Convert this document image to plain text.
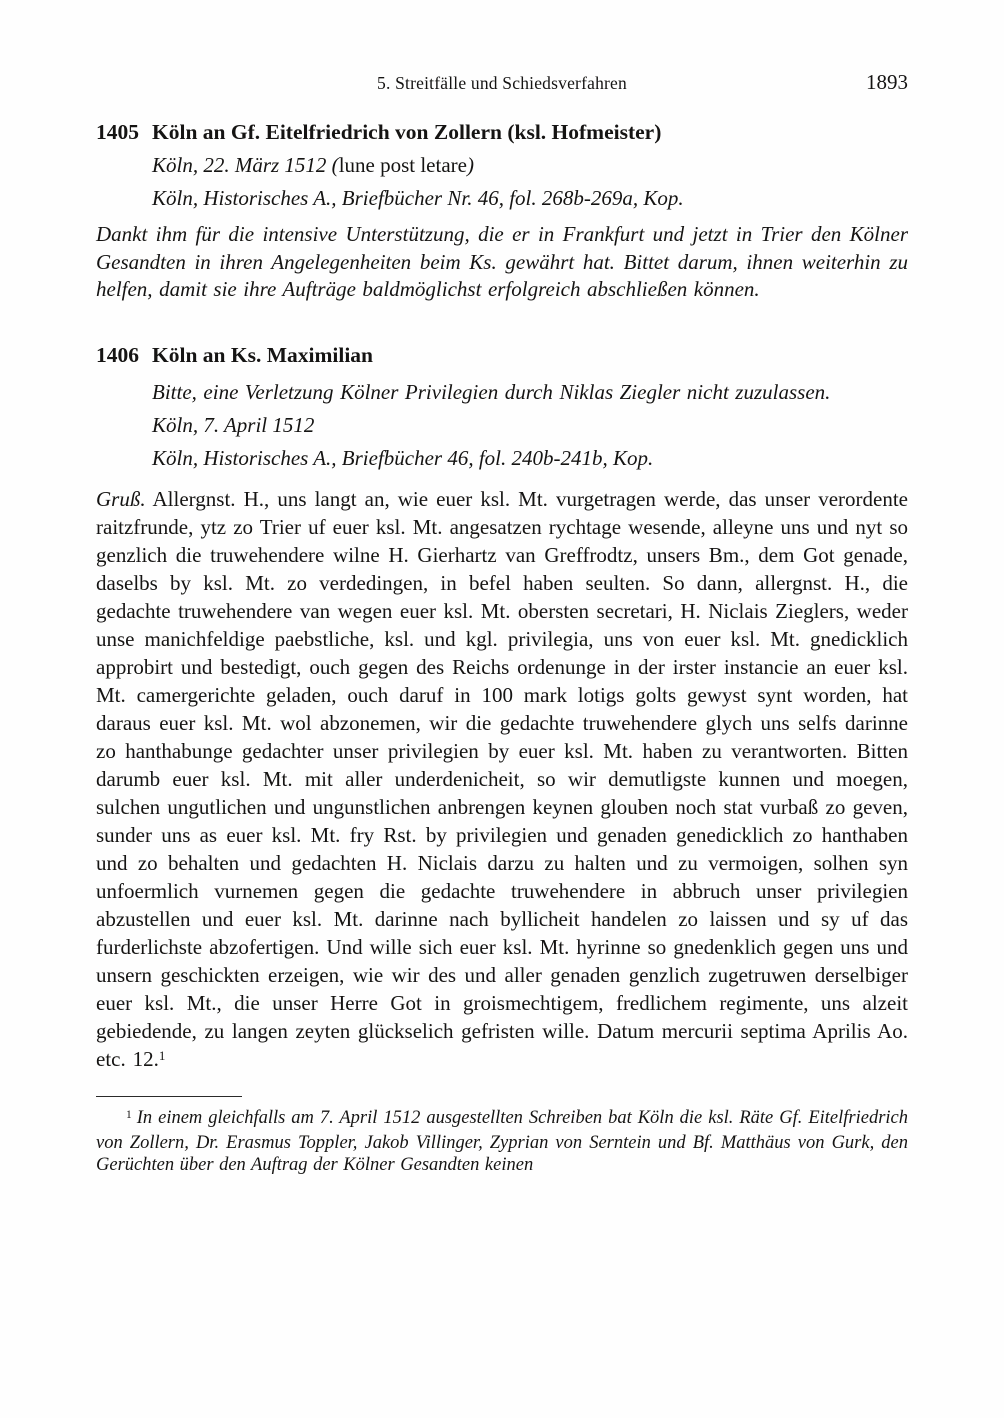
5. Streitfälle und Schiedsverfahren	1893
1405 Köln an Gf. Eitelfriedrich von Zollern (ksl. Hofmeister)

Köln, 22. März 1512 (lune post letare)

Köln, Historisches A., Briefbücher Nr. 46, fol. 268b-269a, Kop.

Dankt ihm für die intensive Unterstützung, die er in Frankfurt und jetzt in Trier den Kölner Gesandten in ihren Angelegenheiten beim Ks. gewährt hat. Bittet darum, ihnen weiterhin zu helfen, damit sie ihre Aufträge baldmöglichst erfolgreich abschließen können.

1406 Köln an Ks. Maximilian

Bitte, eine Verletzung Kölner Privilegien durch Niklas Ziegler nicht zuzulassen.

Köln, 7. April 1512

Köln, Historisches A., Briefbücher 46, fol. 240b-241b, Kop.

Gruß. Allergnst. H., uns langt an, wie euer ksl. Mt. vurgetragen werde, das unser verordente raitzfrunde, ytz zo Trier uf euer ksl. Mt. angesatzen rychtage wesende, alleyne uns und nyt so genzlich die truwehendere wilne H. Gierhartz van Greffrodtz, unsers Bm., dem Got genade, daselbs by ksl. Mt. zo verdedingen, in befel haben seulten. So dann, allergnst. H., die gedachte truwehendere van wegen euer ksl. Mt. obersten secretari, H. Niclais Zieglers, weder unse manichfeldige paebstliche, ksl. und kgl. privilegia, uns von euer ksl. Mt. gnedicklich approbirt und bestedigt, ouch gegen des Reichs ordenunge in der irster instancie an euer ksl. Mt. camergerichte geladen, ouch daruf in 100 mark lotigs golts gewyst synt worden, hat daraus euer ksl. Mt. wol abzonemen, wir die gedachte truwehendere glych uns selfs darinne zo hanthabunge gedachter unser privilegien by euer ksl. Mt. haben zu verantworten. Bitten darumb euer ksl. Mt. mit aller underdenicheit, so wir demutligste kunnen und moegen, sulchen ungutlichen und ungunstlichen anbrengen keynen glouben noch stat vurbaß zo geven, sunder uns as euer ksl. Mt. fry Rst. by privilegien und genaden genedicklich zo hanthaben und zo behalten und gedachten H. Niclais darzu zu halten und zu vermoigen, solhen syn unfoermlich vurnemen gegen die gedachte truwehendere in abbruch unser privilegien abzustellen und euer ksl. Mt. darinne nach byllicheit handelen zo laissen und sy uf das furderlichste abzofertigen. Und wille sich euer ksl. Mt. hyrinne so gnedenklich gegen uns und unsern geschickten erzeigen, wie wir des und aller genaden genzlich zugetruwen derselbiger euer ksl. Mt., die unser Herre Got in groismechtigem, fredlichem regimente, uns alzeit gebiedende, zu langen zeyten glückselich gefristen wille. Datum mercurii septima Aprilis Ao. etc. 12.$^1$

$^1$ In einem gleichfalls am 7. April 1512 ausgestellten Schreiben bat Köln die ksl. Räte Gf. Eitelfriedrich von Zollern, Dr. Erasmus Toppler, Jakob Villinger, Zyprian von Serntein und Bf. Matthäus von Gurk, den Gerüchten über den Auftrag der Kölner Gesandten keinen
